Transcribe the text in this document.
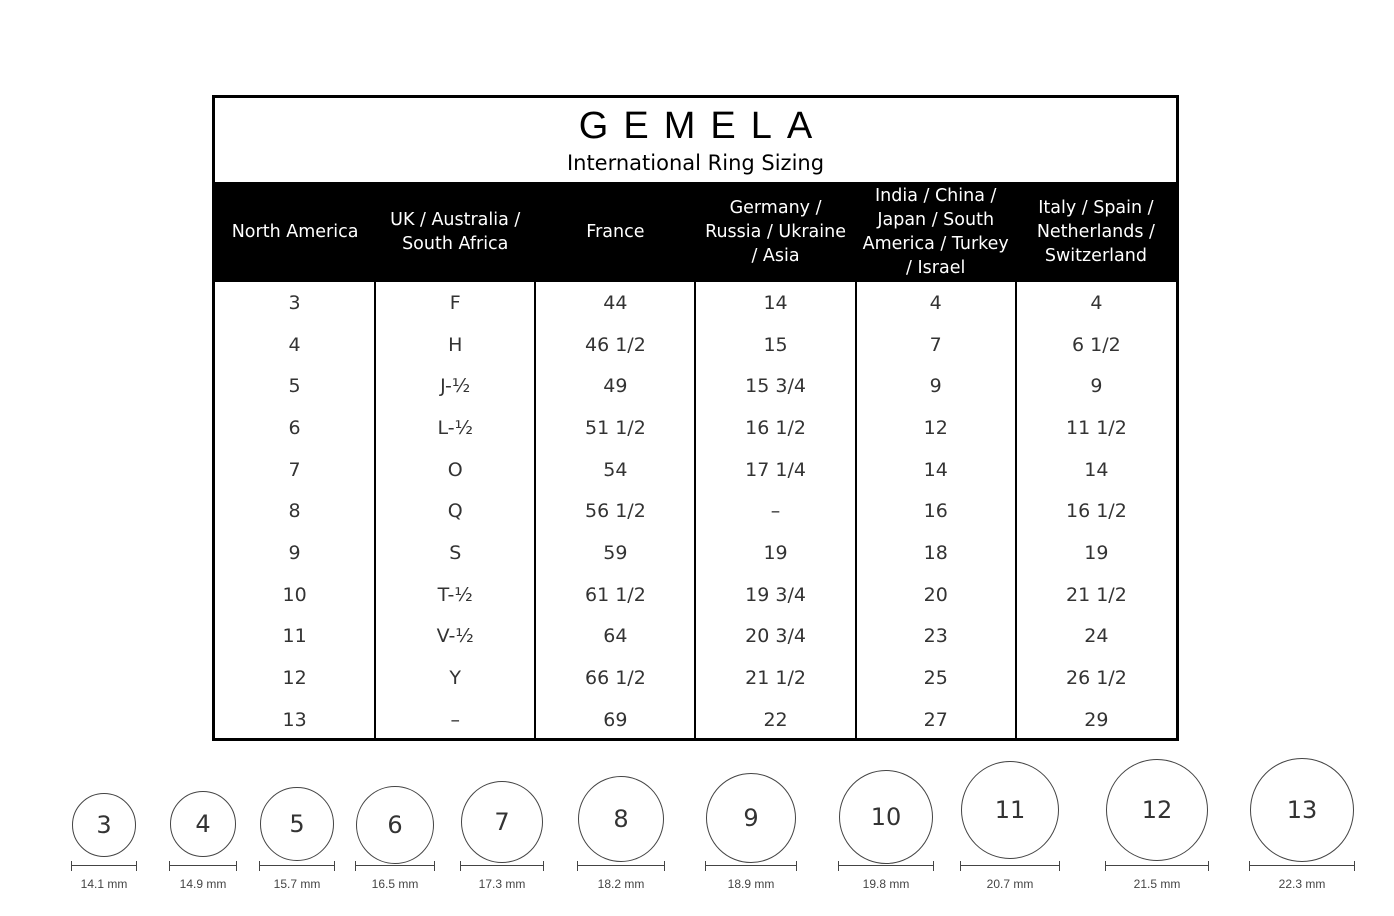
GEMELA
International Ring Sizing
North America	UK / Australia / South Africa	France	Germany / Russia / Ukraine / Asia	India / China / Japan / South America / Turkey / Israel	Italy / Spain / Netherlands / Switzerland
3	F	44	14	4	4
4	H	46 1/2	15	7	6 1/2
5	J-½	49	15 3/4	9	9
6	L-½	51 1/2	16 1/2	12	11 1/2
7	O	54	17 1/4	14	14
8	Q	56 1/2	–	16	16 1/2
9	S	59	19	18	19
10	T-½	61 1/2	19 3/4	20	21 1/2
11	V-½	64	20 3/4	23	24
12	Y	66 1/2	21 1/2	25	26 1/2
13	–	69	22	27	29
3
14.1 mm
4
14.9 mm
5
15.7 mm
6
16.5 mm
7
17.3 mm
8
18.2 mm
9
18.9 mm
10
19.8 mm
11
20.7 mm
12
21.5 mm
13
22.3 mm
